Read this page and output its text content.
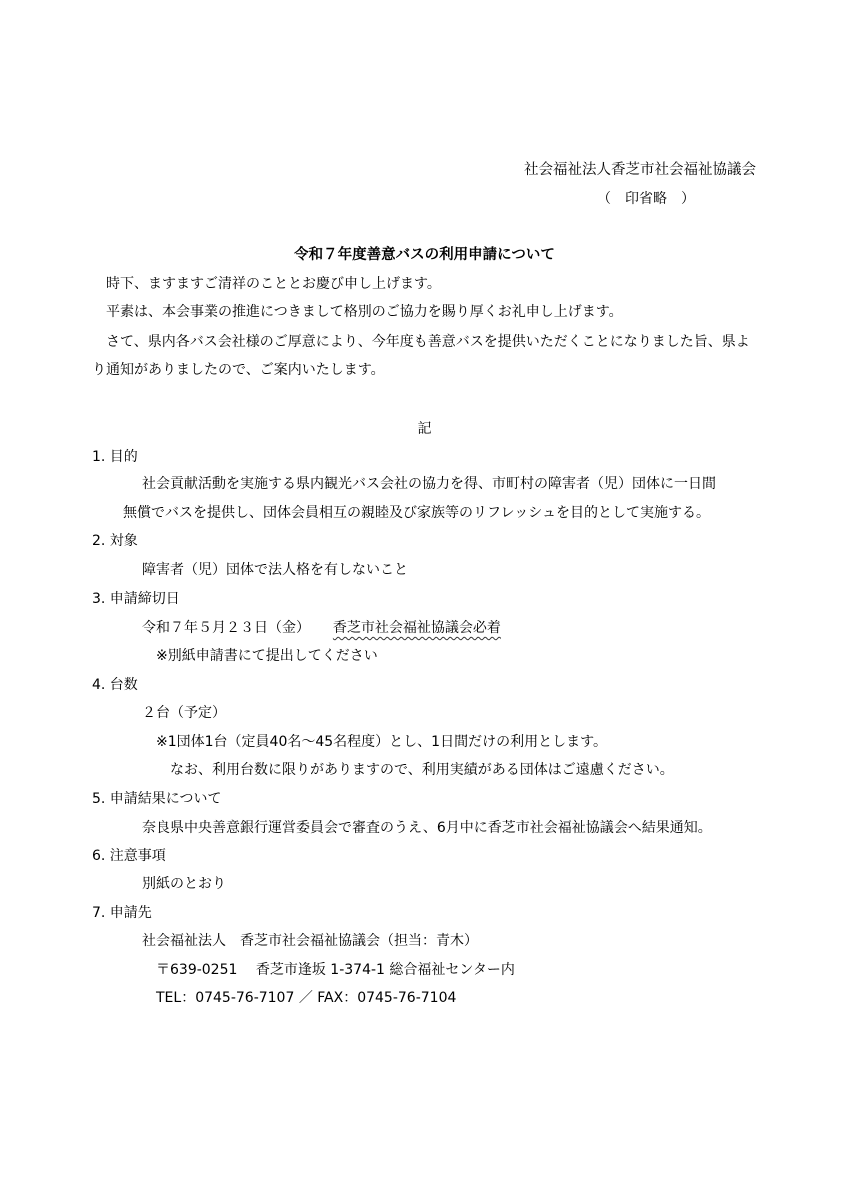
社会福祉法人香芝市社会福祉協議会
（　印省略　）
令和７年度善意バスの利用申請について
時下、ますますご清祥のこととお慶び申し上げます。
平素は、本会事業の推進につきまして格別のご協力を賜り厚くお礼申し上げます。
さて、県内各バス会社様のご厚意により、今年度も善意バスを提供いただくことになりました旨、県よ
り通知がありましたので、ご案内いたします。
記
1. 目的
社会貢献活動を実施する県内観光バス会社の協力を得、市町村の障害者（児）団体に一日間
無償でバスを提供し、団体会員相互の親睦及び家族等のリフレッシュを目的として実施する。
2. 対象
障害者（児）団体で法人格を有しないこと
3. 申請締切日
令和７年５月２３日（金） 香芝市社会福祉協議会必着
※別紙申請書にて提出してください
4. 台数
２台（予定）
※1団体1台（定員40名～45名程度）とし、1日間だけの利用とします。
なお、利用台数に限りがありますので、利用実績がある団体はご遠慮ください。
5. 申請結果について
奈良県中央善意銀行運営委員会で審査のうえ、6月中に香芝市社会福祉協議会へ結果通知。
6. 注意事項
別紙のとおり
7. 申請先
社会福祉法人　香芝市社会福祉協議会（担当：青木）
〒639-0251　 香芝市逢坂 1-374-1 総合福祉センター内
TEL：0745-76-7107 ／ FAX：0745-76-7104
